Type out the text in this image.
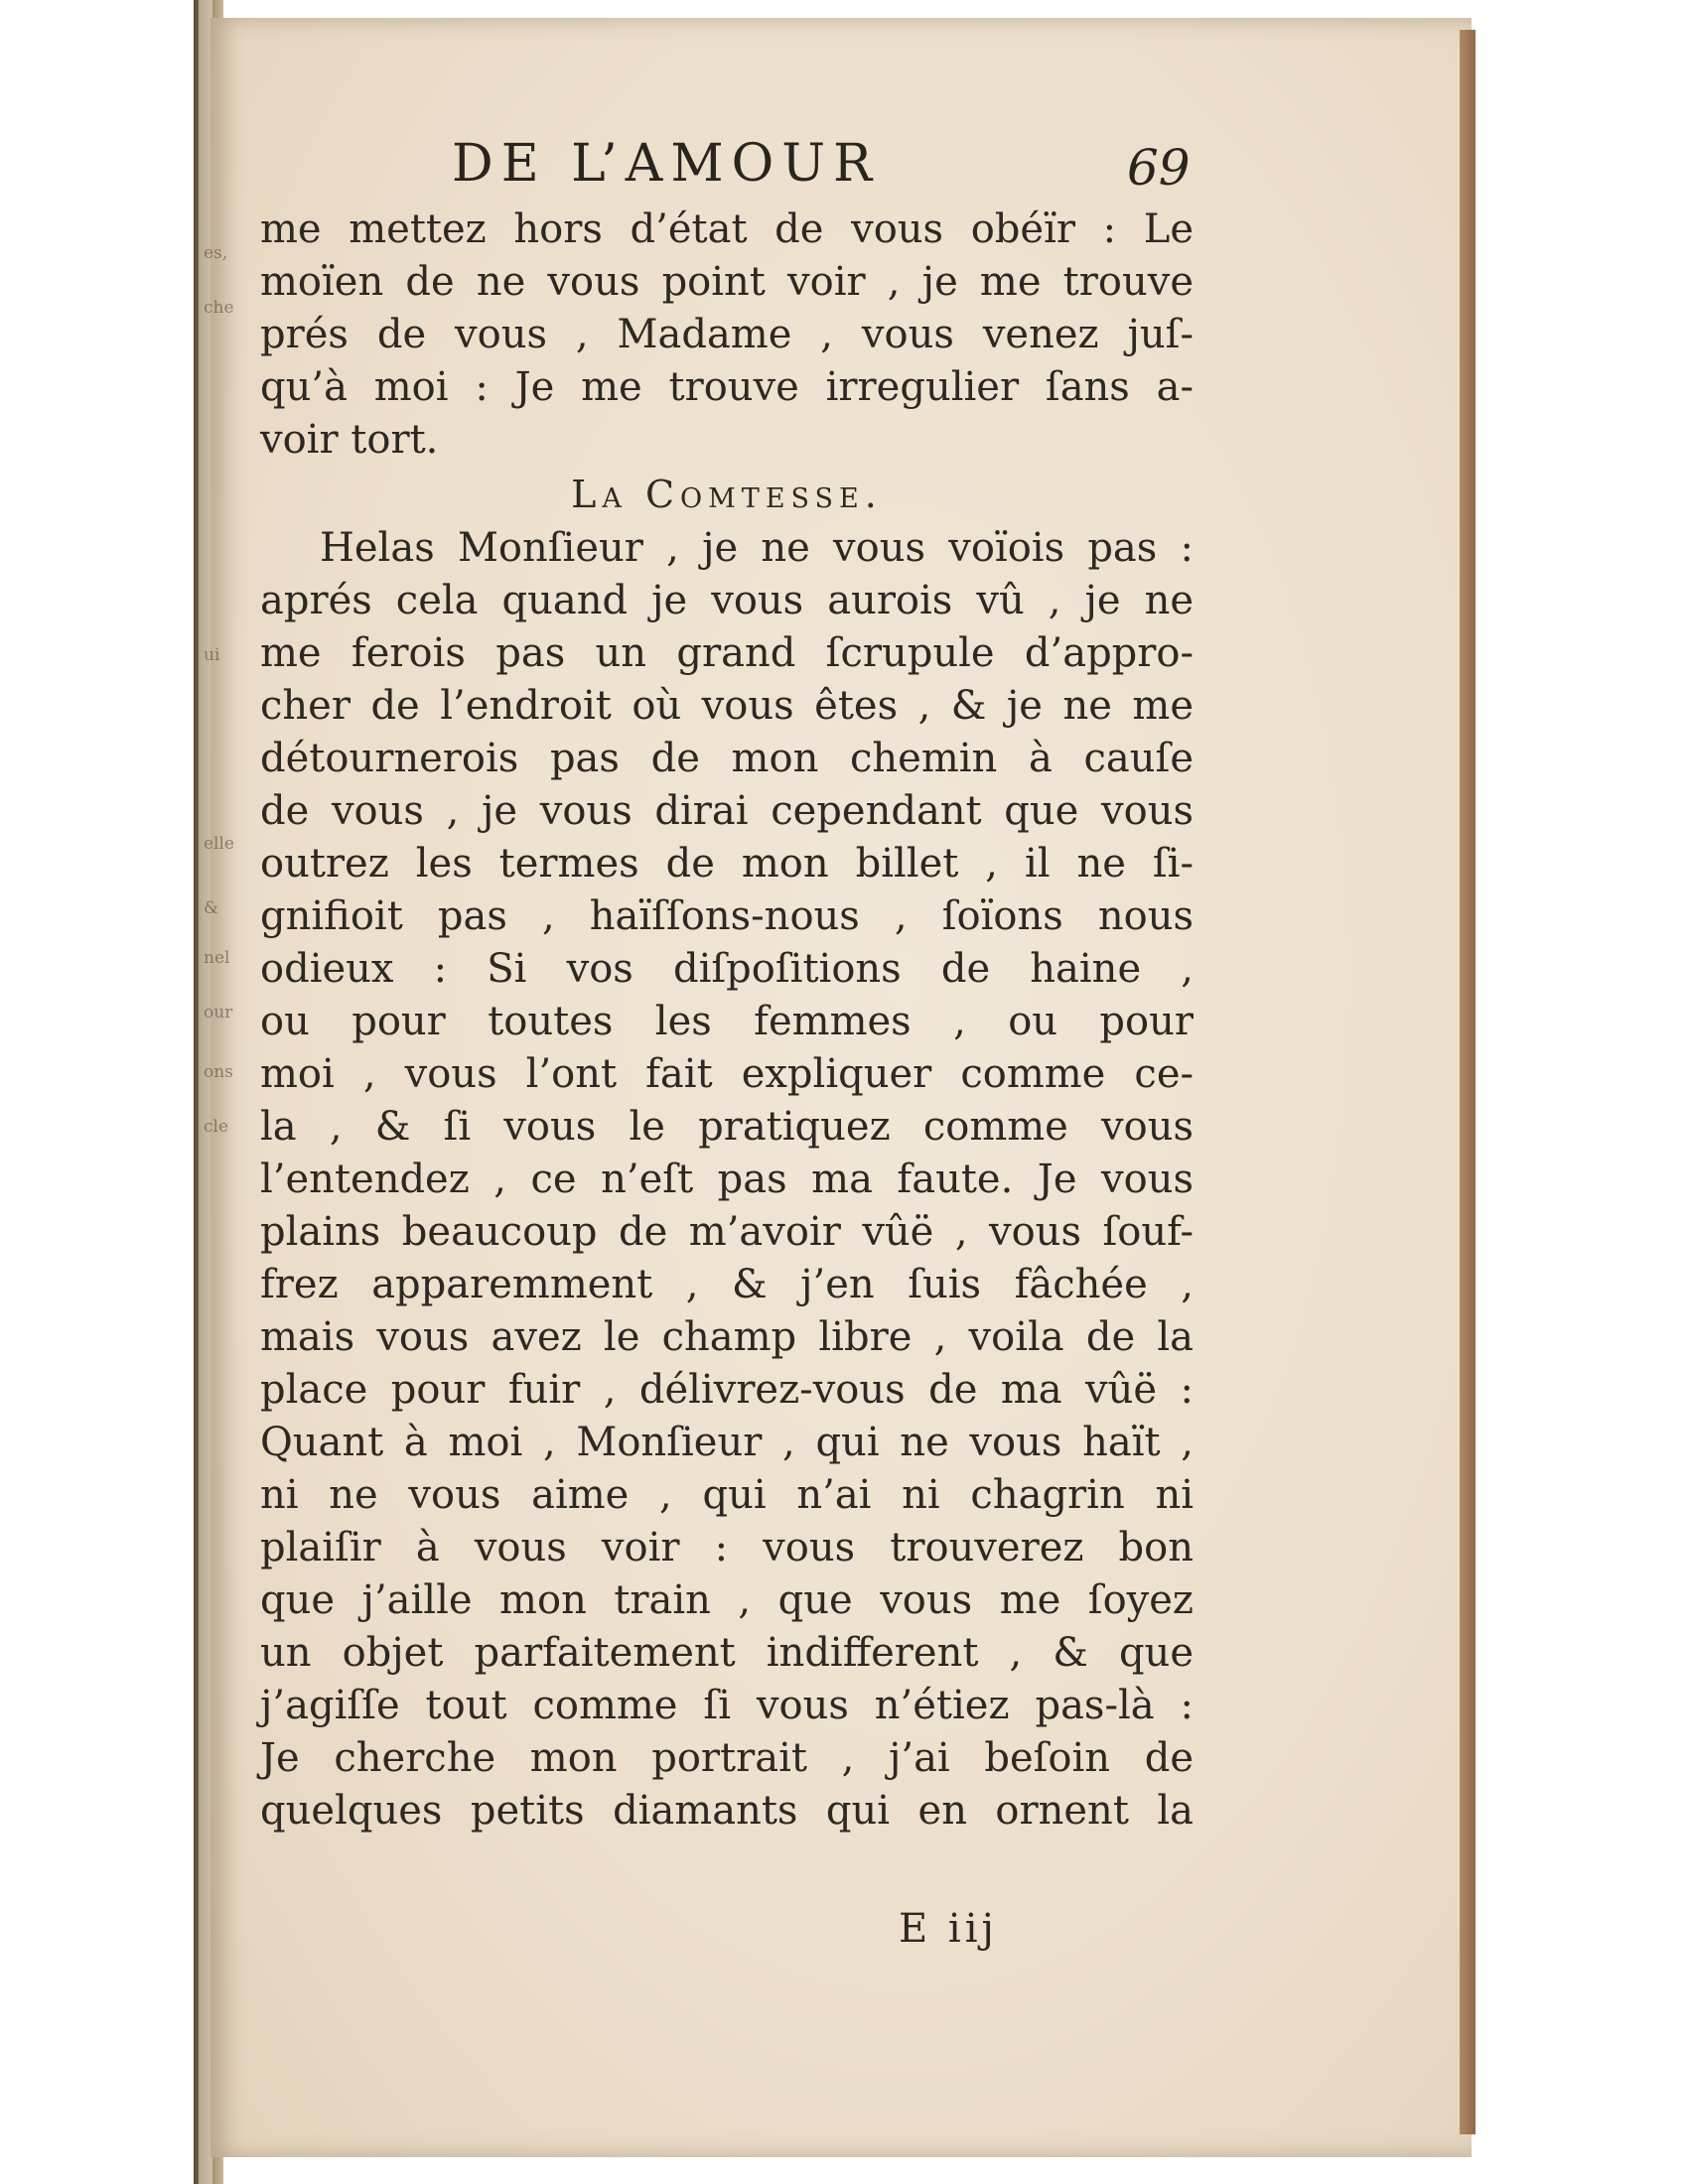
es,
che
ui
elle
&
nel
our
ons
cle
DE L’AMOUR	69
me mettez hors d’état de vous obéïr : Le
moïen de ne vous point voir , je me trouve
prés de vous , Madame , vous venez juſ-
qu’à moi : Je me trouve irregulier ſans a-
voir tort.
La Comtesse.
Helas Monſieur , je ne vous voïois pas :
aprés cela quand je vous aurois vû , je ne
me ferois pas un grand ſcrupule d’appro-
cher de l’endroit où vous êtes , & je ne me
détournerois pas de mon chemin à cauſe
de vous , je vous dirai cependant que vous
outrez les termes de mon billet , il ne ſi-
gnifioit pas , haïſſons-nous , ſoïons nous
odieux : Si vos diſpoſitions de haine ,
ou pour toutes les femmes , ou pour
moi , vous l’ont fait expliquer comme ce-
la , & ſi vous le pratiquez comme vous
l’entendez , ce n’eſt pas ma faute. Je vous
plains beaucoup de m’avoir vûë , vous ſouf-
frez apparemment , & j’en ſuis fâchée ,
mais vous avez le champ libre , voila de la
place pour fuir , délivrez-vous de ma vûë :
Quant à moi , Monſieur , qui ne vous haït ,
ni ne vous aime , qui n’ai ni chagrin ni
plaiſir à vous voir : vous trouverez bon
que j’aille mon train , que vous me ſoyez
un objet parfaitement indifferent , & que
j’agiſſe tout comme ſi vous n’étiez pas-là :
Je cherche mon portrait , j’ai beſoin de
quelques petits diamants qui en ornent la
E iij
